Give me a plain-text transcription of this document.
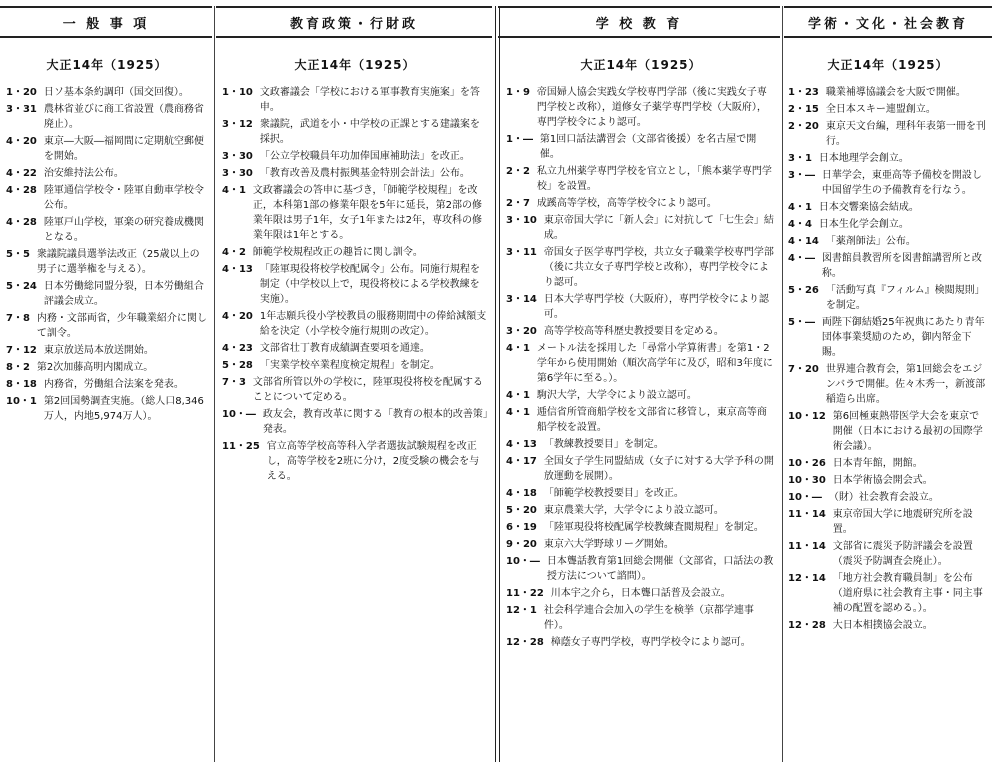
一 般 事 項	教育政策・行財政	学 校 教 育	学術・文化・社会教育
大正14年（1925）
1・20 日ソ基本条約調印（国交回復）。
3・31 農林省並びに商工省設置（農商務省廃止）。
4・20 東京―大阪―福岡間に定期航空郵便を開始。
4・22 治安維持法公布。
4・28 陸軍通信学校令・陸軍自動車学校令公布。
4・28 陸軍戸山学校，軍楽の研究養成機関となる。
5・5 衆議院議員選挙法改正（25歳以上の男子に選挙権を与える）。
5・24 日本労働総同盟分裂，日本労働組合評議会成立。
7・8 内務・文部両省，少年職業紹介に関して訓令。
7・12 東京放送局本放送開始。
8・2 第2次加藤高明内閣成立。
8・18 内務省，労働組合法案を発表。
10・1 第2回国勢調査実施。（総人口8,346万人，内地5,974万人）。
大正14年（1925）
1・10 文政審議会「学校における軍事教育実施案」を答申。
3・12 衆議院，武道を小・中学校の正課とする建議案を採択。
3・30 「公立学校職員年功加俸国庫補助法」を改正。
3・30 「教育改善及農村振興基金特別会計法」公布。
4・1 文政審議会の答申に基づき，「師範学校規程」を改正，本科第1部の修業年限を5年に延長，第2部の修業年限は男子1年，女子1年または2年，専攻科の修業年限は1年とする。
4・2 師範学校規程改正の趣旨に関し訓令。
4・13 「陸軍現役将校学校配属令」公布。同施行規程を制定（中学校以上で，現役将校による学校教練を実施）。
4・20 1年志願兵役小学校教員の服務期間中の俸給減額支給を決定（小学校令施行規則の改定）。
4・23 文部省壮丁教育成績調査要項を通達。
5・28 「実業学校卒業程度検定規程」を制定。
7・3 文部省所管以外の学校に，陸軍現役将校を配属することについて定める。
10・― 政友会，教育改革に関する「教育の根本的改善策」発表。
11・25 官立高等学校高等科入学者選抜試験規程を改正し，高等学校を2班に分け，2度受験の機会を与える。
大正14年（1925）
1・9 帝国婦人協会実践女学校専門学部（後に実践女子専門学校と改称），道修女子薬学専門学校（大阪府），専門学校令により認可。
1・― 第1回口話法講習会（文部省後援）を名古屋で開催。
2・2 私立九州薬学専門学校を官立とし，「熊本薬学専門学校」を設置。
2・7 成蹊高等学校，高等学校令により認可。
3・10 東京帝国大学に「新人会」に対抗して「七生会」結成。
3・11 帝国女子医学専門学校，共立女子職業学校専門学部（後に共立女子専門学校と改称），専門学校令により認可。
3・14 日本大学専門学校（大阪府），専門学校令により認可。
3・20 高等学校高等科歴史教授要目を定める。
4・1 メートル法を採用した「尋常小学算術書」を第1・2学年から使用開始（順次高学年に及び，昭和3年度に第6学年に至る。）。
4・1 駒沢大学，大学令により設立認可。
4・1 逓信省所管商船学校を文部省に移管し，東京高等商船学校を設置。
4・13 「教練教授要目」を制定。
4・17 全国女子学生同盟結成（女子に対する大学予科の開放運動を展開）。
4・18 「師範学校教授要目」を改正。
5・20 東京農業大学，大学令により設立認可。
6・19 「陸軍現役将校配属学校教練査閲規程」を制定。
9・20 東京六大学野球リーグ開始。
10・― 日本聾話教育第1回総会開催（文部省，口話法の教授方法について諮問）。
11・22 川本宇之介ら，日本聾口話普及会設立。
12・1 社会科学連合会加入の学生を検挙（京都学連事件）。
12・28 樟蔭女子専門学校，専門学校令により認可。
大正14年（1925）
1・23 職業補導協議会を大阪で開催。
2・15 全日本スキー連盟創立。
2・20 東京天文台編，理科年表第一冊を刊行。
3・1 日本地理学会創立。
3・― 日華学会，東亜高等予備校を開設し中国留学生の予備教育を行なう。
4・1 日本交響楽協会結成。
4・4 日本生化学会創立。
4・14 「薬剤師法」公布。
4・― 図書館員教習所を図書館講習所と改称。
5・26 「活動写真『フィルム』検閲規則」を制定。
5・― 両陛下御結婚25年祝典にあたり青年団体事業奨励のため，御内帑金下賜。
7・20 世界連合教育会，第1回総会をエジンバラで開催。佐々木秀一，新渡部稲造ら出席。
10・12 第6回極東熱帯医学大会を東京で開催（日本における最初の国際学術会議）。
10・26 日本青年館，開館。
10・30 日本学術協会開会式。
10・― （財）社会教育会設立。
11・14 東京帝国大学に地震研究所を設置。
11・14 文部省に震災予防評議会を設置（震災予防調査会廃止）。
12・14 「地方社会教育職員制」を公布（道府県に社会教育主事・同主事補の配置を認める。）。
12・28 大日本相撲協会設立。
